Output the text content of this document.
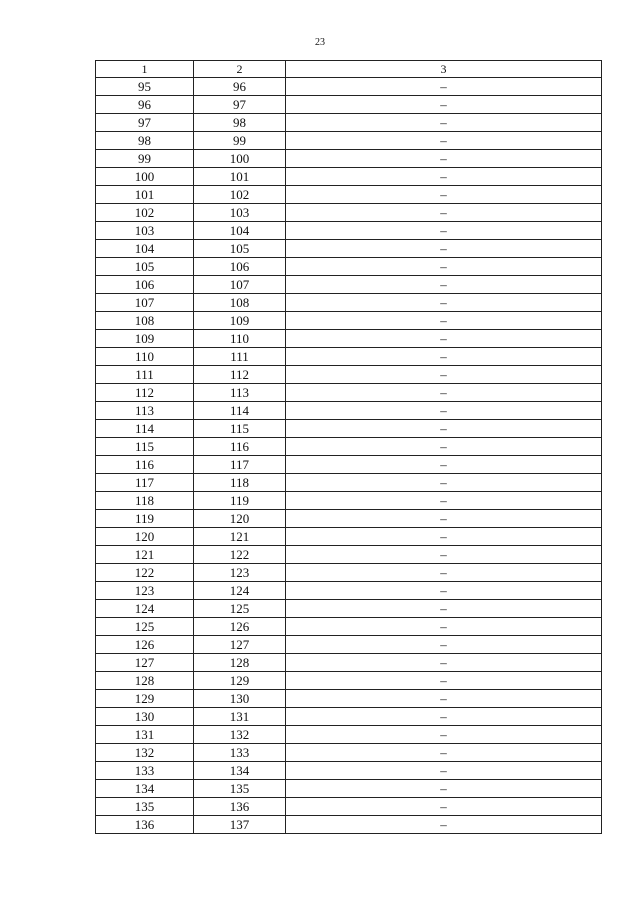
23
1	2	3
95	96	–
96	97	–
97	98	–
98	99	–
99	100	–
100	101	–
101	102	–
102	103	–
103	104	–
104	105	–
105	106	–
106	107	–
107	108	–
108	109	–
109	110	–
110	111	–
111	112	–
112	113	–
113	114	–
114	115	–
115	116	–
116	117	–
117	118	–
118	119	–
119	120	–
120	121	–
121	122	–
122	123	–
123	124	–
124	125	–
125	126	–
126	127	–
127	128	–
128	129	–
129	130	–
130	131	–
131	132	–
132	133	–
133	134	–
134	135	–
135	136	–
136	137	–
